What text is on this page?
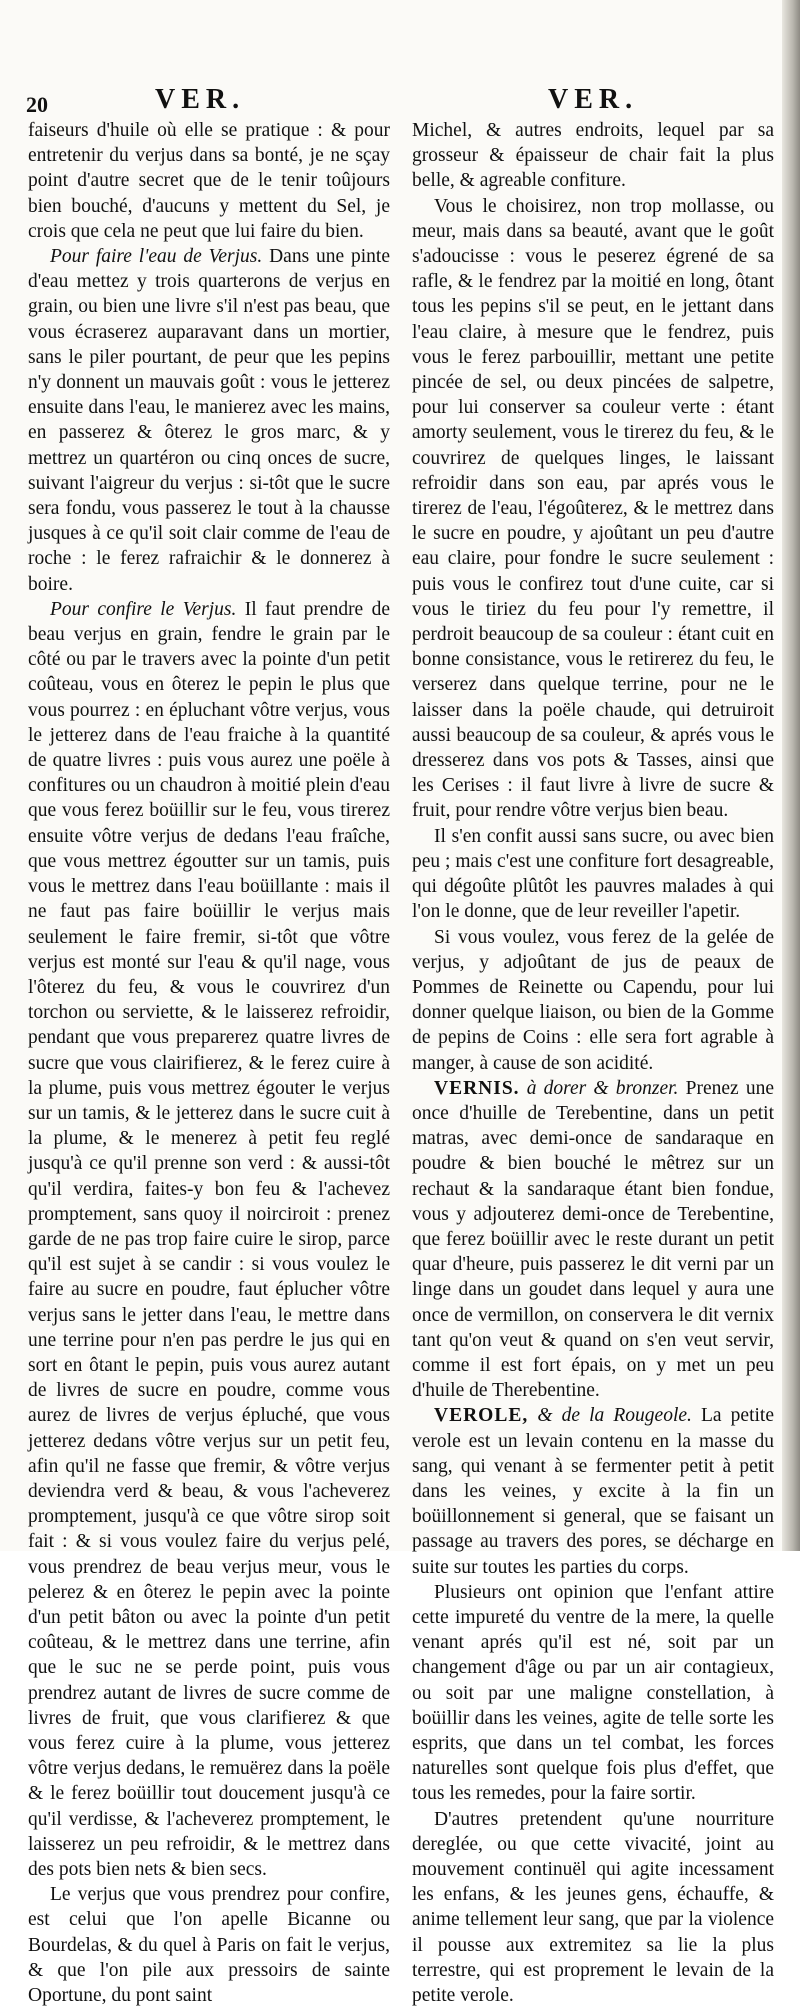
20	VER.	VER.

faiseurs d'huile où elle se pratique : & pour entretenir du verjus dans sa bonté, je ne sçay point d'autre secret que de le tenir toûjours bien bouché, d'aucuns y mettent du Sel, je crois que cela ne peut que lui faire du bien.

Pour faire l'eau de Verjus. Dans une pinte d'eau mettez y trois quarterons de verjus en grain, ou bien une livre s'il n'est pas beau, que vous écraserez auparavant dans un mortier, sans le piler pourtant, de peur que les pepins n'y donnent un mauvais goût : vous le jetterez ensuite dans l'eau, le manierez avec les mains, en passerez & ôterez le gros marc, & y mettrez un quartéron ou cinq onces de sucre, suivant l'aigreur du verjus : si-tôt que le sucre sera fondu, vous passerez le tout à la chausse jusques à ce qu'il soit clair comme de l'eau de roche : le ferez rafraichir & le donnerez à boire.

Pour confire le Verjus. Il faut prendre de beau verjus en grain, fendre le grain par le côté ou par le travers avec la pointe d'un petit coûteau, vous en ôterez le pepin le plus que vous pourrez : en épluchant vôtre verjus, vous le jetterez dans de l'eau fraiche à la quantité de quatre livres : puis vous aurez une poële à confitures ou un chaudron à moitié plein d'eau que vous ferez boüillir sur le feu, vous tirerez ensuite vôtre verjus de dedans l'eau fraîche, que vous mettrez égoutter sur un tamis, puis vous le mettrez dans l'eau boüillante : mais il ne faut pas faire boüillir le verjus mais seulement le faire fremir, si-tôt que vôtre verjus est monté sur l'eau & qu'il nage, vous l'ôterez du feu, & vous le couvrirez d'un torchon ou serviette, & le laisserez refroidir, pendant que vous preparerez quatre livres de sucre que vous clairifierez, & le ferez cuire à la plume, puis vous mettrez égouter le verjus sur un tamis, & le jetterez dans le sucre cuit à la plume, & le menerez à petit feu reglé jusqu'à ce qu'il prenne son verd : & aussi-tôt qu'il verdira, faites-y bon feu & l'achevez promptement, sans quoy il noirciroit : prenez garde de ne pas trop faire cuire le sirop, parce qu'il est sujet à se candir : si vous voulez le faire au sucre en poudre, faut éplucher vôtre verjus sans le jetter dans l'eau, le mettre dans une terrine pour n'en pas perdre le jus qui en sort en ôtant le pepin, puis vous aurez autant de livres de sucre en poudre, comme vous aurez de livres de verjus épluché, que vous jetterez dedans vôtre verjus sur un petit feu, afin qu'il ne fasse que fremir, & vôtre verjus deviendra verd & beau, & vous l'acheverez promptement, jusqu'à ce que vôtre sirop soit fait : & si vous voulez faire du verjus pelé, vous prendrez de beau verjus meur, vous le pelerez & en ôterez le pepin avec la pointe d'un petit bâton ou avec la pointe d'un petit coûteau, & le mettrez dans une terrine, afin que le suc ne se perde point, puis vous prendrez autant de livres de sucre comme de livres de fruit, que vous clarifierez & que vous ferez cuire à la plume, vous jetterez vôtre verjus dedans, le remuërez dans la poële & le ferez boüillir tout doucement jusqu'à ce qu'il verdisse, & l'acheverez promptement, le laisserez un peu refroidir, & le mettrez dans des pots bien nets & bien secs.

Le verjus que vous prendrez pour confire, est celui que l'on apelle Bicanne ou Bourdelas, & du quel à Paris on fait le verjus, & que l'on pile aux pressoirs de sainte Oportune, du pont saint

Michel, & autres endroits, lequel par sa grosseur & épaisseur de chair fait la plus belle, & agreable confiture.

Vous le choisirez, non trop mollasse, ou meur, mais dans sa beauté, avant que le goût s'adoucisse : vous le peserez égrené de sa rafle, & le fendrez par la moitié en long, ôtant tous les pepins s'il se peut, en le jettant dans l'eau claire, à mesure que le fendrez, puis vous le ferez parbouillir, mettant une petite pincée de sel, ou deux pincées de salpetre, pour lui conserver sa couleur verte : étant amorty seulement, vous le tirerez du feu, & le couvrirez de quelques linges, le laissant refroidir dans son eau, par aprés vous le tirerez de l'eau, l'égoûterez, & le mettrez dans le sucre en poudre, y ajoûtant un peu d'autre eau claire, pour fondre le sucre seulement : puis vous le confirez tout d'une cuite, car si vous le tiriez du feu pour l'y remettre, il perdroit beaucoup de sa couleur : étant cuit en bonne consistance, vous le retirerez du feu, le verserez dans quelque terrine, pour ne le laisser dans la poële chaude, qui detruiroit aussi beaucoup de sa couleur, & aprés vous le dresserez dans vos pots & Tasses, ainsi que les Cerises : il faut livre à livre de sucre & fruit, pour rendre vôtre verjus bien beau.

Il s'en confit aussi sans sucre, ou avec bien peu ; mais c'est une confiture fort desagreable, qui dégoûte plûtôt les pauvres malades à qui l'on le donne, que de leur reveiller l'apetir.

Si vous voulez, vous ferez de la gelée de verjus, y adjoûtant de jus de peaux de Pommes de Reinette ou Capendu, pour lui donner quelque liaison, ou bien de la Gomme de pepins de Coins : elle sera fort agrable à manger, à cause de son acidité.

VERNIS. à dorer & bronzer. Prenez une once d'huille de Terebentine, dans un petit matras, avec demi-once de sandaraque en poudre & bien bouché le mêtrez sur un rechaut & la sandaraque étant bien fondue, vous y adjouterez demi-once de Terebentine, que ferez boüillir avec le reste durant un petit quar d'heure, puis passerez le dit verni par un linge dans un goudet dans lequel y aura une once de vermillon, on conservera le dit vernix tant qu'on veut & quand on s'en veut servir, comme il est fort épais, on y met un peu d'huile de Therebentine.

VEROLE, & de la Rougeole. La petite verole est un levain contenu en la masse du sang, qui venant à se fermenter petit à petit dans les veines, y excite à la fin un boüillonnement si general, que se faisant un passage au travers des pores, se décharge en suite sur toutes les parties du corps.

Plusieurs ont opinion que l'enfant attire cette impureté du ventre de la mere, la quelle venant aprés qu'il est né, soit par un changement d'âge ou par un air contagieux, ou soit par une maligne constellation, à boüillir dans les veines, agite de telle sorte les esprits, que dans un tel combat, les forces naturelles sont quelque fois plus d'effet, que tous les remedes, pour la faire sortir.

D'autres pretendent qu'une nourriture dereglée, ou que cette vivacité, joint au mouvement continuël qui agite incessament les enfans, & les jeunes gens, échauffe, & anime tellement leur sang, que par la violence il pousse aux extremitez sa lie la plus terrestre, qui est proprement le levain de la petite verole.
